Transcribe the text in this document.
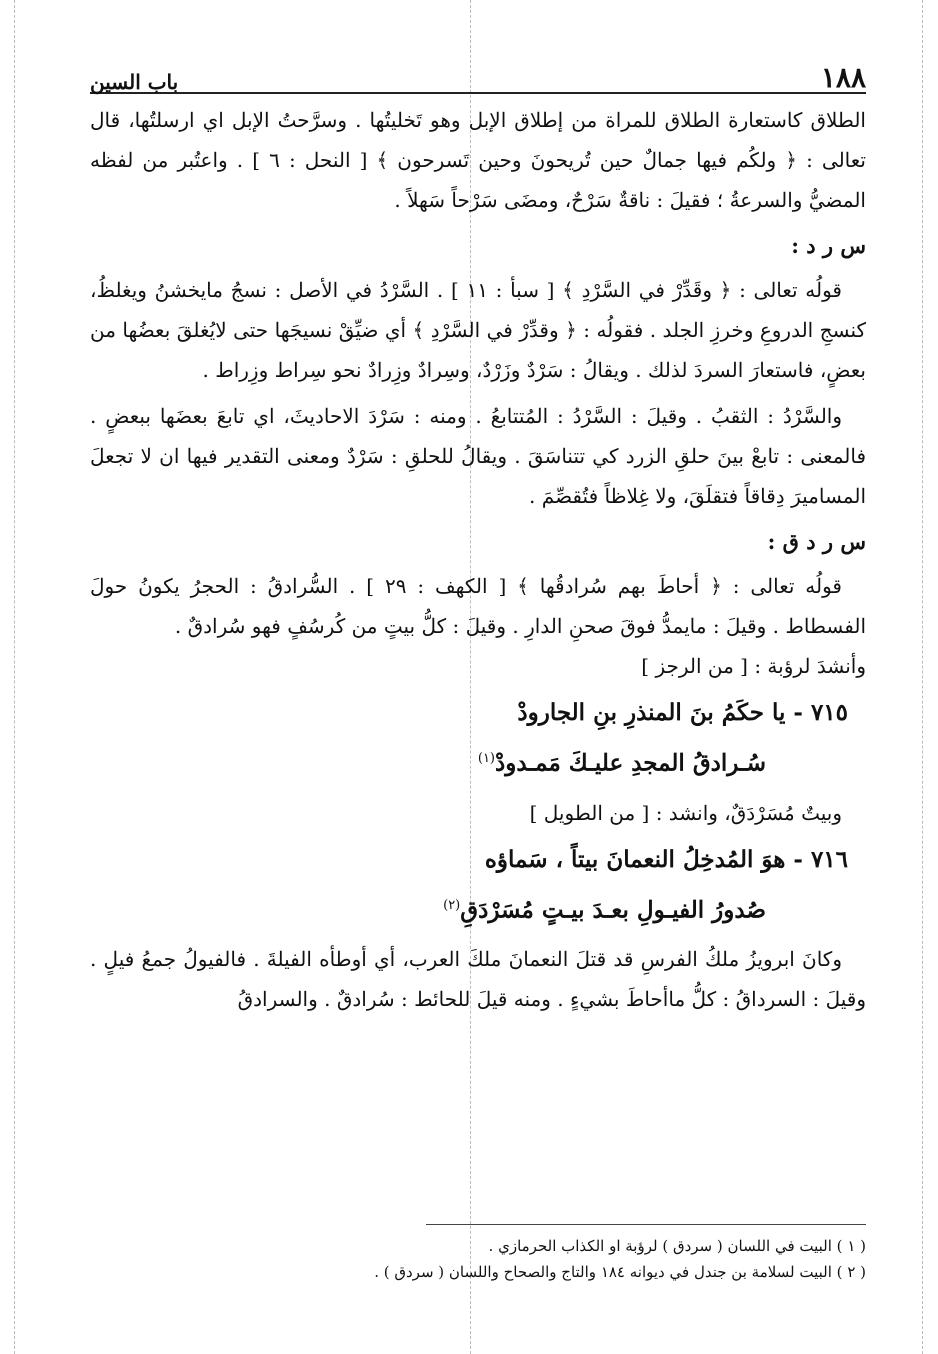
١٨٨
باب السين

الطلاق كاستعارة الطلاق للمراة من إطلاق الإبل وهو تَخليتُها . وسرَّحتُ الإبل اي ارسلتُها، قال تعالى : ﴿ ولكُم فيها جمالٌ حين تُريحونَ وحين تَسرحون ﴾ [ النحل : ٦ ] . واعتُبر من لفظه المضيُّ والسرعةُ ؛ فقيلَ : ناقةٌ سَرْحٌ، ومضَى سَرْحاً سَهلاً .

س ر د :

قولُه تعالى : ﴿ وقَدِّرْ في السَّرْدِ ﴾ [ سبأ : ١١ ] . السَّرْدُ في الأصل : نسجُ مايخشنُ ويغلظُ، كنسجِ الدروعِ وخرزِ الجلد . فقولُه : ﴿ وقدِّرْ في السَّرْدِ ﴾ أي ضيِّقْ نسيجَها حتى لايُغلقَ بعضُها من بعضٍ، فاستعارَ السردَ لذلك . ويقالُ : سَرْدٌ وزَرْدٌ، وسِرادٌ وزِرادٌ نحو سِراط وزِراط .

والسَّرْدُ : الثقبُ . وقيلَ : السَّرْدُ : المُتتابعُ . ومنه : سَرْدَ الاحاديثَ، اي تابعَ بعضَها ببعضٍ . فالمعنى : تابعْ بينَ حلقِ الزرد كي تتناسَقَ . ويقالُ للحلقِ : سَرْدٌ ومعنى التقدير فيها ان لا تجعلَ المساميرَ دِقاقاً فتقلَقَ، ولا غِلاظاً فتُقصِّمَ .

س ر د ق :

قولُه تعالى : ﴿ أحاطَ بهم سُرادقُها ﴾ [ الكهف : ٢٩ ] . السُّرادقُ : الحجرُ يكونُ حولَ الفسطاط . وقيلَ : مايمدُّ فوقَ صحنِ الدارِ . وقيلَ : كلُّ بيتٍ من كُرسُفٍ فهو سُرادقٌ .

وأنشدَ لرؤبة : [ من الرجز ]

٧١٥ - يا حكَمُ بنَ المنذرِ بنِ الجارودْ
سُـرادقُ المجدِ عليـكَ مَمـدودْ$^{(١)}$

وبيتٌ مُسَرْدَقٌ، وانشد : [ من الطويل ]

٧١٦ - هوَ المُدخِلُ النعمانَ بيتاً ، سَماؤه
صُدورُ الفيـولِ بعـدَ بيـتٍ مُسَرْدَقِ$^{(٢)}$

وكانَ ابرويزُ ملكُ الفرسِ قد قتلَ النعمانَ ملكَ العرب، أي أوطأه الفيلةَ . فالفيولُ جمعُ فيلٍ . وقيلَ : السرداقُ : كلُّ ماأحاطَ بشيءٍ . ومنه قيلَ للحائط : سُرادقٌ . والسرادقُ

( ١ ) البيت في اللسان ( سردق ) لرؤبة او الكذاب الحرمازي .
( ٢ ) البيت لسلامة بن جندل في ديوانه ١٨٤ والتاج والصحاح واللسان ( سردق ) .
